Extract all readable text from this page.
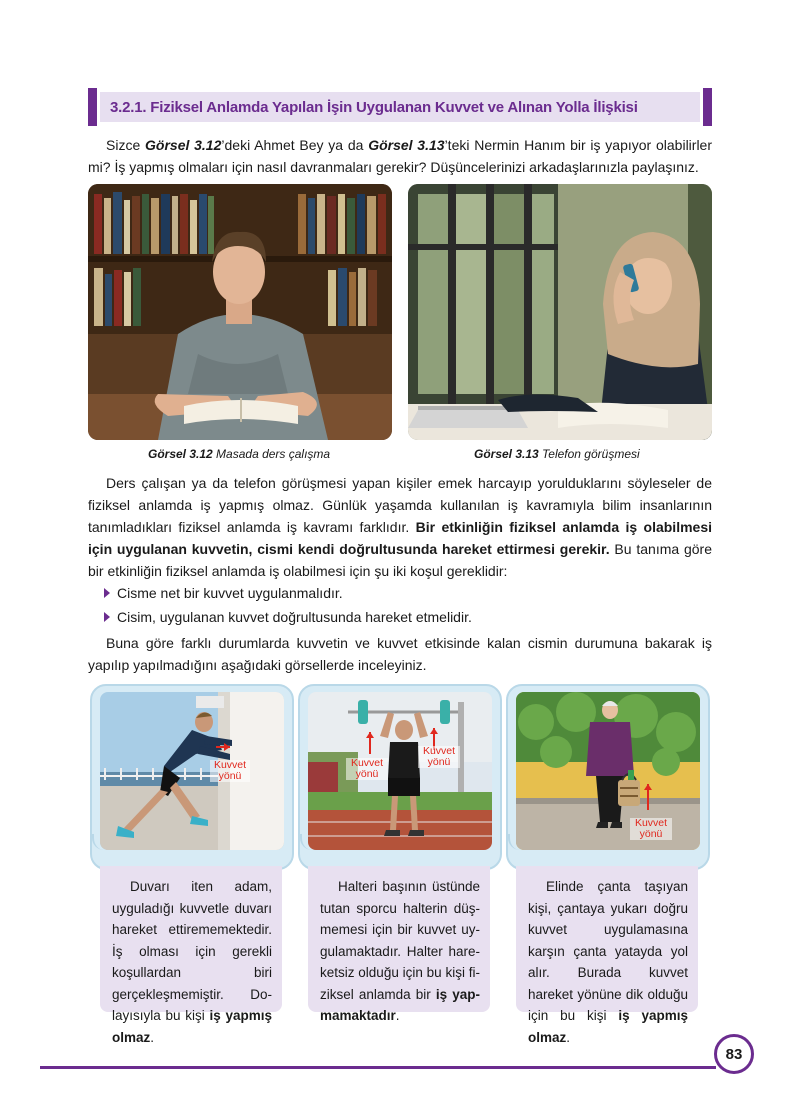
3.2.1. Fiziksel Anlamda Yapılan İşin Uygulanan Kuvvet ve Alınan Yolla İlişkisi

Sizce Görsel 3.12’deki Ahmet Bey ya da Görsel 3.13’teki Nermin Hanım bir iş yapıyor olabilirler mi? İş yapmış olmaları için nasıl davranmaları gerekir? Düşüncelerinizi arkadaşlarınızla paylaşınız.

Görsel 3.12 Masada ders çalışma	Görsel 3.13 Telefon görüşmesi

Ders çalışan ya da telefon görüşmesi yapan kişiler emek harcayıp yorulduklarını söyleseler de fiziksel anlamda iş yapmış olmaz. Günlük yaşamda kullanılan iş kavramıyla bilim insanlarının tanımladıkları fiziksel anlamda iş kavramı farklıdır. Bir etkinliğin fiziksel anlamda iş olabilmesi için uygulanan kuvvetin, cismi kendi doğrultusunda hareket ettirmesi gerekir. Bu tanıma göre bir etkinliğin fiziksel anlamda iş olabilmesi için şu iki koşul gereklidir:

Cisme net bir kuvvet uygulanmalıdır.
Cisim, uygulanan kuvvet doğrultusunda hareket etmelidir.

Buna göre farklı durumlarda kuvvetin ve kuvvet etkisinde kalan cismin durumuna bakarak iş yapılıp yapılmadığını aşağıdaki görsellerde inceleyiniz.

Kuvvet yönü
Duvarı iten adam, uyguladığı kuvvetle duvarı hareket ettirememektedir. İş olması için gerekli koşullardan biri gerçekleşmemiştir. Dolayısıyla bu kişi iş yapmış olmaz.
Kuvvet yönü
Kuvvet yönü
Halteri başının üstünde tutan sporcu halterin düşmemesi için bir kuvvet uygulamaktadır. Halter hareketsiz olduğu için bu kişi fiziksel anlamda bir iş yapmamaktadır.
Kuvvet yönü
Elinde çanta taşıyan kişi, çantaya yukarı doğru kuvvet uygulamasına karşın çanta yatayda yol alır. Burada kuvvet hareket yönüne dik olduğu için bu kişi iş yapmış olmaz.
83
